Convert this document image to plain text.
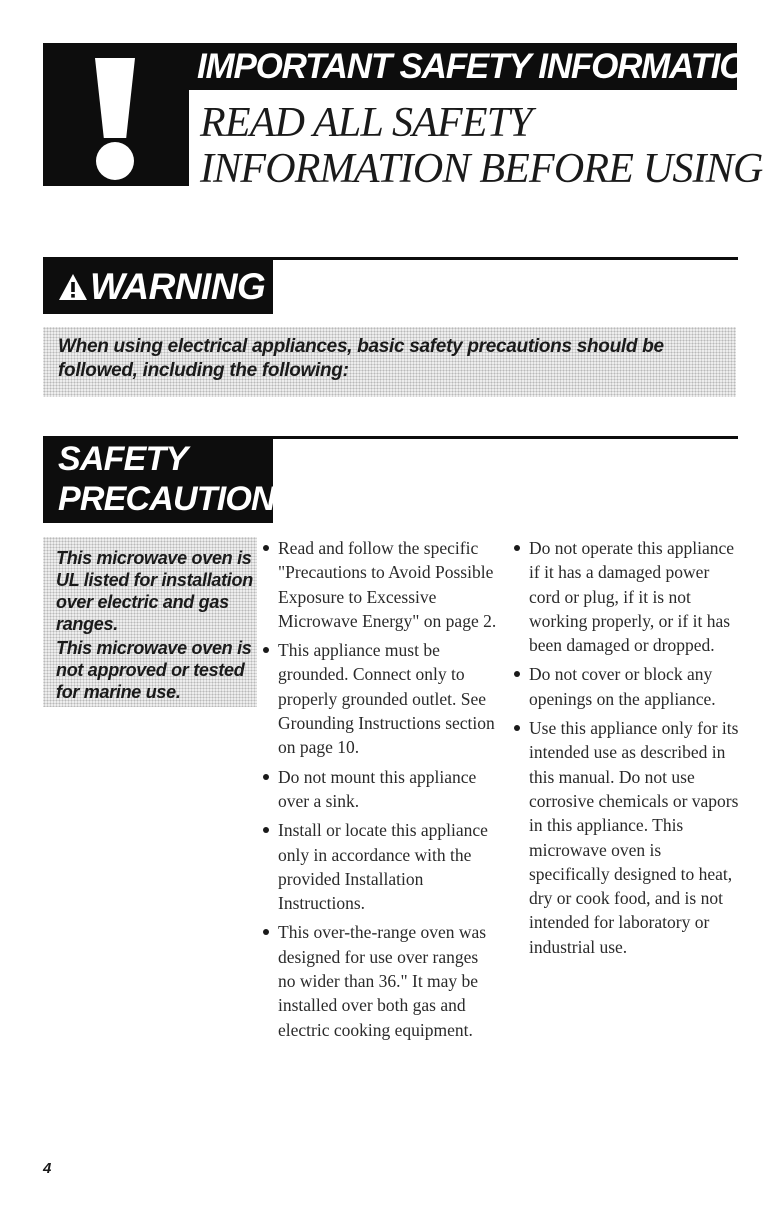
IMPORTANT SAFETY INFORMATION
READ ALL SAFETY
INFORMATION BEFORE USING
WARNING
When using electrical appliances, basic safety precautions should be followed, including the following:
SAFETY
PRECAUTIONS
This microwave oven is UL listed for installation over electric and gas ranges.
This microwave oven is not approved or tested for marine use.
Read and follow the specific "Precautions to Avoid Possible Exposure to Excessive Microwave Energy" on page 2.
This appliance must be grounded. Connect only to properly grounded outlet. See Grounding Instructions section on page 10.
Do not mount this appliance over a sink.
Install or locate this appliance only in accordance with the provided Installation Instructions.
This over-the-range oven was designed for use over ranges no wider than 36." It may be installed over both gas and electric cooking equipment.
Do not operate this appliance if it has a damaged power cord or plug, if it is not working properly, or if it has been damaged or dropped.
Do not cover or block any openings on the appliance.
Use this appliance only for its intended use as described in this manual. Do not use corrosive chemicals or vapors in this appliance. This microwave oven is specifically designed to heat, dry or cook food, and is not intended for laboratory or industrial use.
4
